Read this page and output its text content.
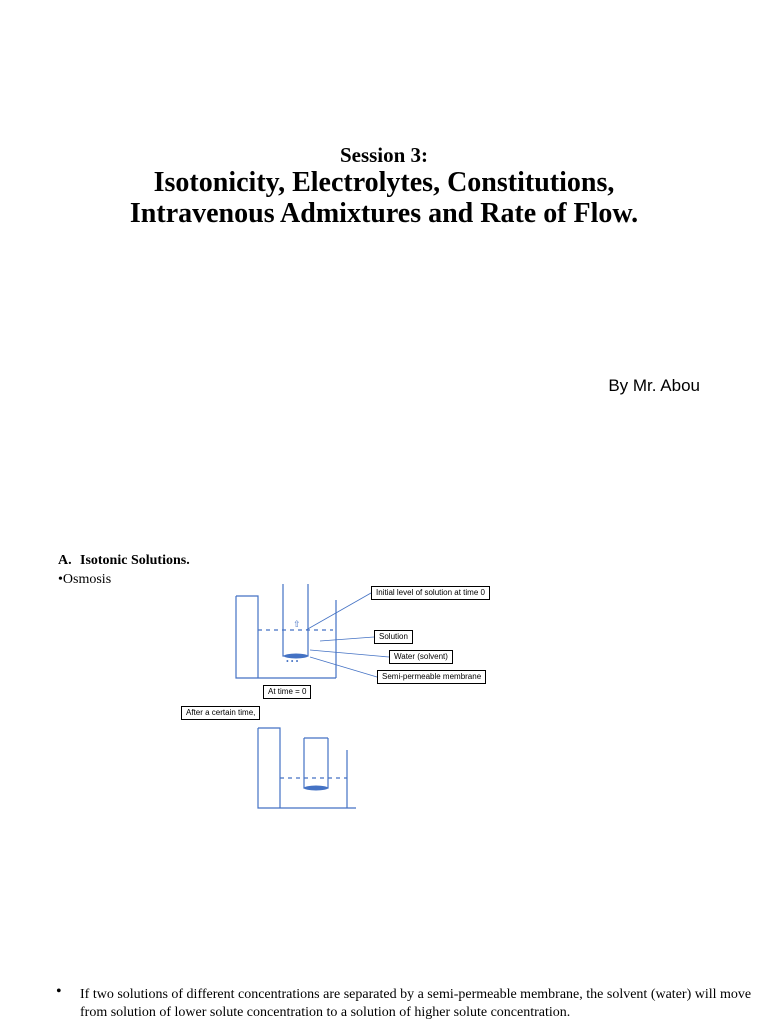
Session 3:
Isotonicity, Electrolytes, Constitutions,
Intravenous Admixtures and Rate of Flow.
By Mr. Abou
A. Isotonic Solutions.
•Osmosis
⇧
• • •
Initial level of solution at time 0
Solution
Water (solvent)
Semi-permeable membrane
At time = 0
After a certain time,
• If two solutions of different concentrations are separated by a semi-permeable membrane, the solvent (water) will move from solution of lower solute concentration to a solution of higher solute concentration.
